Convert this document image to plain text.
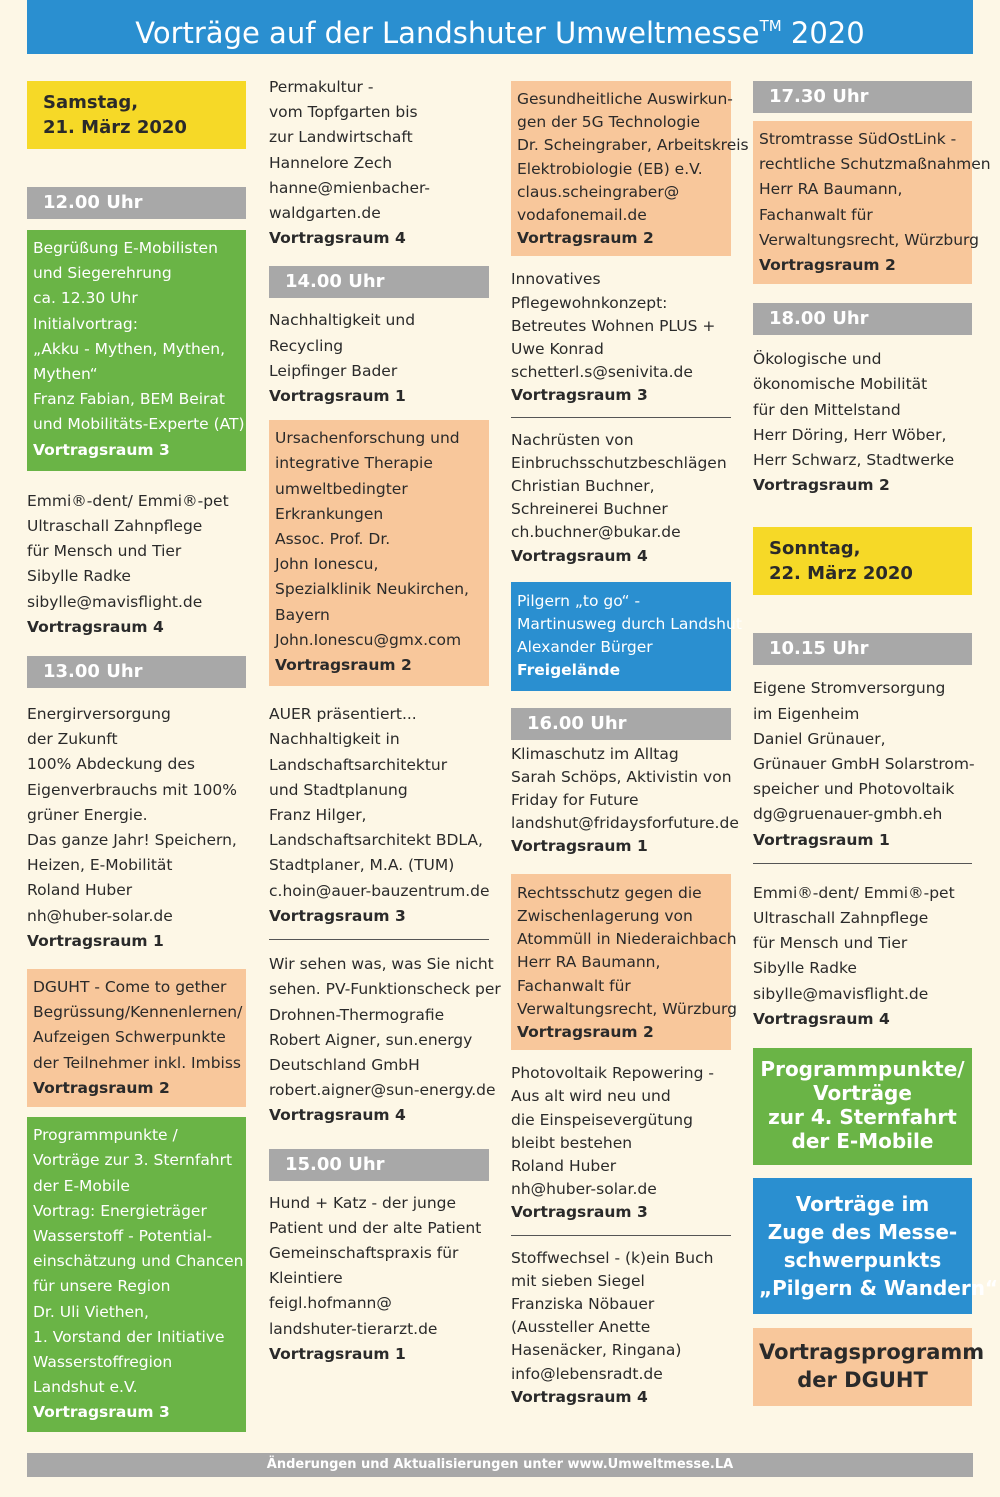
Vorträge auf der Landshuter Umweltmesse™ 2020
Samstag,
21. März 2020
12.00 Uhr
Begrüßung E-Mobilisten
und Siegerehrung
ca. 12.30 Uhr
Initialvortrag:
„Akku - Mythen, Mythen,
Mythen“
Franz Fabian, BEM Beirat
und Mobilitäts-Experte (AT)
Vortragsraum 3
Emmi®-dent/ Emmi®-pet
Ultraschall Zahnpflege
für Mensch und Tier
Sibylle Radke
sibylle@mavisflight.de
Vortragsraum 4
13.00 Uhr
Energirversorgung
der Zukunft
100% Abdeckung des
Eigenverbrauchs mit 100%
grüner Energie.
Das ganze Jahr! Speichern,
Heizen, E-Mobilität
Roland Huber
nh@huber-solar.de
Vortragsraum 1
DGUHT - Come to gether
Begrüssung/Kennenlernen/
Aufzeigen Schwerpunkte
der Teilnehmer inkl. Imbiss
Vortragsraum 2
Programmpunkte /
Vorträge zur 3. Sternfahrt
der E-Mobile
Vortrag: Energieträger
Wasserstoff - Potential-
einschätzung und Chancen
für unsere Region
Dr. Uli Viethen,
1. Vorstand der Initiative
Wasserstoffregion
Landshut e.V.
Vortragsraum 3
Permakultur -
vom Topfgarten bis
zur Landwirtschaft
Hannelore Zech
hanne@mienbacher-
waldgarten.de
Vortragsraum 4
14.00 Uhr
Nachhaltigkeit und
Recycling
Leipfinger Bader
Vortragsraum 1
Ursachenforschung und
integrative Therapie
umweltbedingter
Erkrankungen
Assoc. Prof. Dr.
John Ionescu,
Spezialklinik Neukirchen,
Bayern
John.Ionescu@gmx.com
Vortragsraum 2
AUER präsentiert...
Nachhaltigkeit in
Landschaftsarchitektur
und Stadtplanung
Franz Hilger,
Landschaftsarchitekt BDLA,
Stadtplaner, M.A. (TUM)
c.hoin@auer-bauzentrum.de
Vortragsraum 3
Wir sehen was, was Sie nicht
sehen. PV-Funktionscheck per
Drohnen-Thermografie
Robert Aigner, sun.energy
Deutschland GmbH
robert.aigner@sun-energy.de
Vortragsraum 4
15.00 Uhr
Hund + Katz - der junge
Patient und der alte Patient
Gemeinschaftspraxis für
Kleintiere
feigl.hofmann@
landshuter-tierarzt.de
Vortragsraum 1
Gesundheitliche Auswirkun-
gen der 5G Technologie
Dr. Scheingraber, Arbeitskreis
Elektrobiologie (EB) e.V.
claus.scheingraber@
vodafonemail.de
Vortragsraum 2
Innovatives
Pflegewohnkonzept:
Betreutes Wohnen PLUS +
Uwe Konrad
schetterl.s@senivita.de
Vortragsraum 3
Nachrüsten von
Einbruchsschutzbeschlägen
Christian Buchner,
Schreinerei Buchner
ch.buchner@bukar.de
Vortragsraum 4
Pilgern „to go“ -
Martinusweg durch Landshut
Alexander Bürger
Freigelände
16.00 Uhr
Klimaschutz im Alltag
Sarah Schöps, Aktivistin von
Friday for Future
landshut@fridaysforfuture.de
Vortragsraum 1
Rechtsschutz gegen die
Zwischenlagerung von
Atommüll in Niederaichbach
Herr RA Baumann,
Fachanwalt für
Verwaltungsrecht, Würzburg
Vortragsraum 2
Photovoltaik Repowering -
Aus alt wird neu und
die Einspeisevergütung
bleibt bestehen
Roland Huber
nh@huber-solar.de
Vortragsraum 3
Stoffwechsel - (k)ein Buch
mit sieben Siegel
Franziska Nöbauer
(Aussteller Anette
Hasenäcker, Ringana)
info@lebensradt.de
Vortragsraum 4
17.30 Uhr
Stromtrasse SüdOstLink -
rechtliche Schutzmaßnahmen
Herr RA Baumann,
Fachanwalt für
Verwaltungsrecht, Würzburg
Vortragsraum 2
18.00 Uhr
Ökologische und
ökonomische Mobilität
für den Mittelstand
Herr Döring, Herr Wöber,
Herr Schwarz, Stadtwerke
Vortragsraum 2
Sonntag,
22. März 2020
10.15 Uhr
Eigene Stromversorgung
im Eigenheim
Daniel Grünauer,
Grünauer GmbH Solarstrom-
speicher und Photovoltaik
dg@gruenauer-gmbh.eh
Vortragsraum 1
Emmi®-dent/ Emmi®-pet
Ultraschall Zahnpflege
für Mensch und Tier
Sibylle Radke
sibylle@mavisflight.de
Vortragsraum 4
Programmpunkte/
Vorträge
zur 4. Sternfahrt
der E-Mobile
Vorträge im
Zuge des Messe-
schwerpunkts
„Pilgern & Wandern“
Vortragsprogramm
der DGUHT
Änderungen und Aktualisierungen unter www.Umweltmesse.LA
